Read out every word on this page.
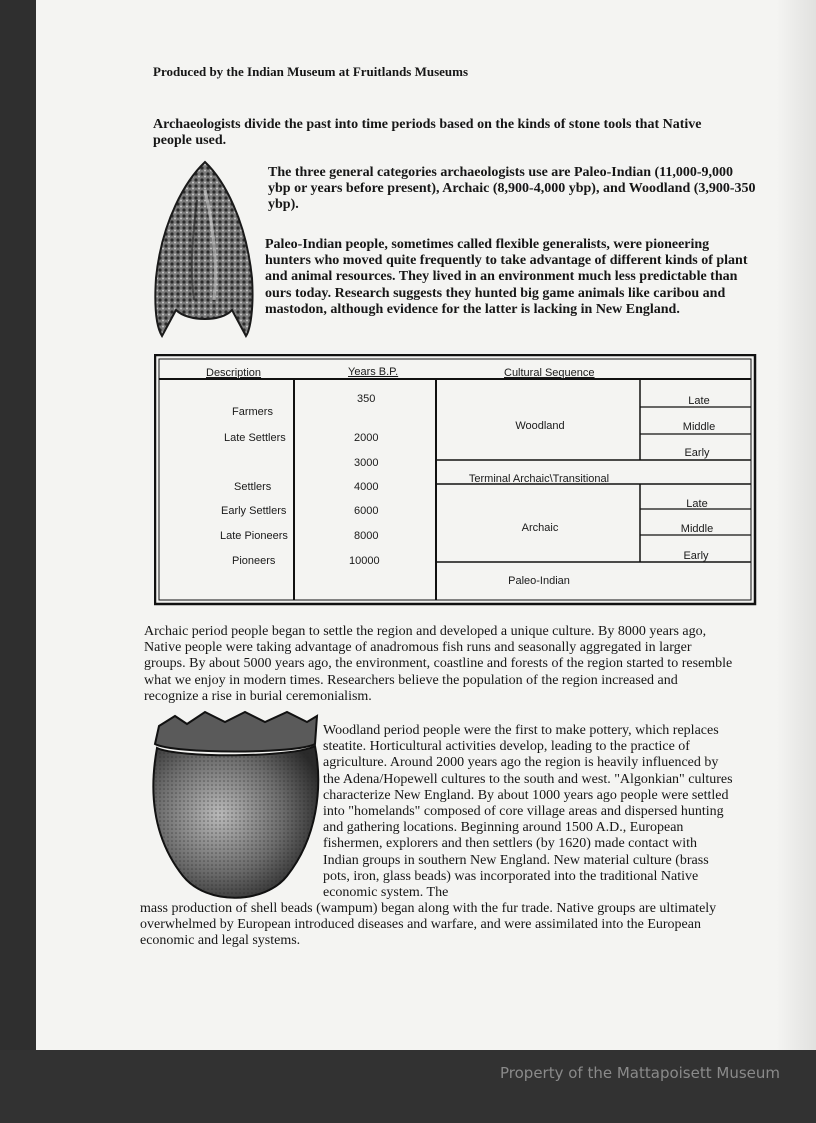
Produced by the Indian Museum at Fruitlands Museums

Archaeologists divide the past into time periods based on the kinds of stone tools that Native people used.

The three general categories archaeologists use are Paleo-Indian (11,000-9,000 ybp or years before present), Archaic (8,900-4,000 ybp), and Woodland (3,900-350 ybp).

Paleo-Indian people, sometimes called flexible generalists, were pioneering hunters who moved quite frequently to take advantage of different kinds of plant and animal resources. They lived in an environment much less predictable than ours today. Research suggests they hunted big game animals like caribou and mastodon, although evidence for the latter is lacking in New England.

Description	Years B.P.	Cultural Sequence
Farmers
Late Settlers
Settlers
Early Settlers
Late Pioneers
Pioneers
350
2000
3000
4000
6000
8000
10000
Woodland
Terminal Archaic\Transitional
Archaic
Paleo-Indian
Late
Middle
Early
Late
Middle
Early

Archaic period people began to settle the region and developed a unique culture. By 8000 years ago, Native people were taking advantage of anadromous fish runs and seasonally aggregated in larger groups. By about 5000 years ago, the environment, coastline and forests of the region started to resemble what we enjoy in modern times. Researchers believe the population of the region increased and recognize a rise in burial ceremonialism.

Woodland period people were the first to make pottery, which replaces steatite. Horticultural activities develop, leading to the practice of agriculture. Around 2000 years ago the region is heavily influenced by the Adena/Hopewell cultures to the south and west. "Algonkian" cultures characterize New England. By about 1000 years ago people were settled into "homelands" composed of core village areas and dispersed hunting and gathering locations. Beginning around 1500 A.D., European fishermen, explorers and then settlers (by 1620) made contact with Indian groups in southern New England. New material culture (brass pots, iron, glass beads) was incorporated into the traditional Native economic system. The

mass production of shell beads (wampum) began along with the fur trade. Native groups are ultimately overwhelmed by European introduced diseases and warfare, and were assimilated into the European economic and legal systems.

Property of the Mattapoisett Museum
